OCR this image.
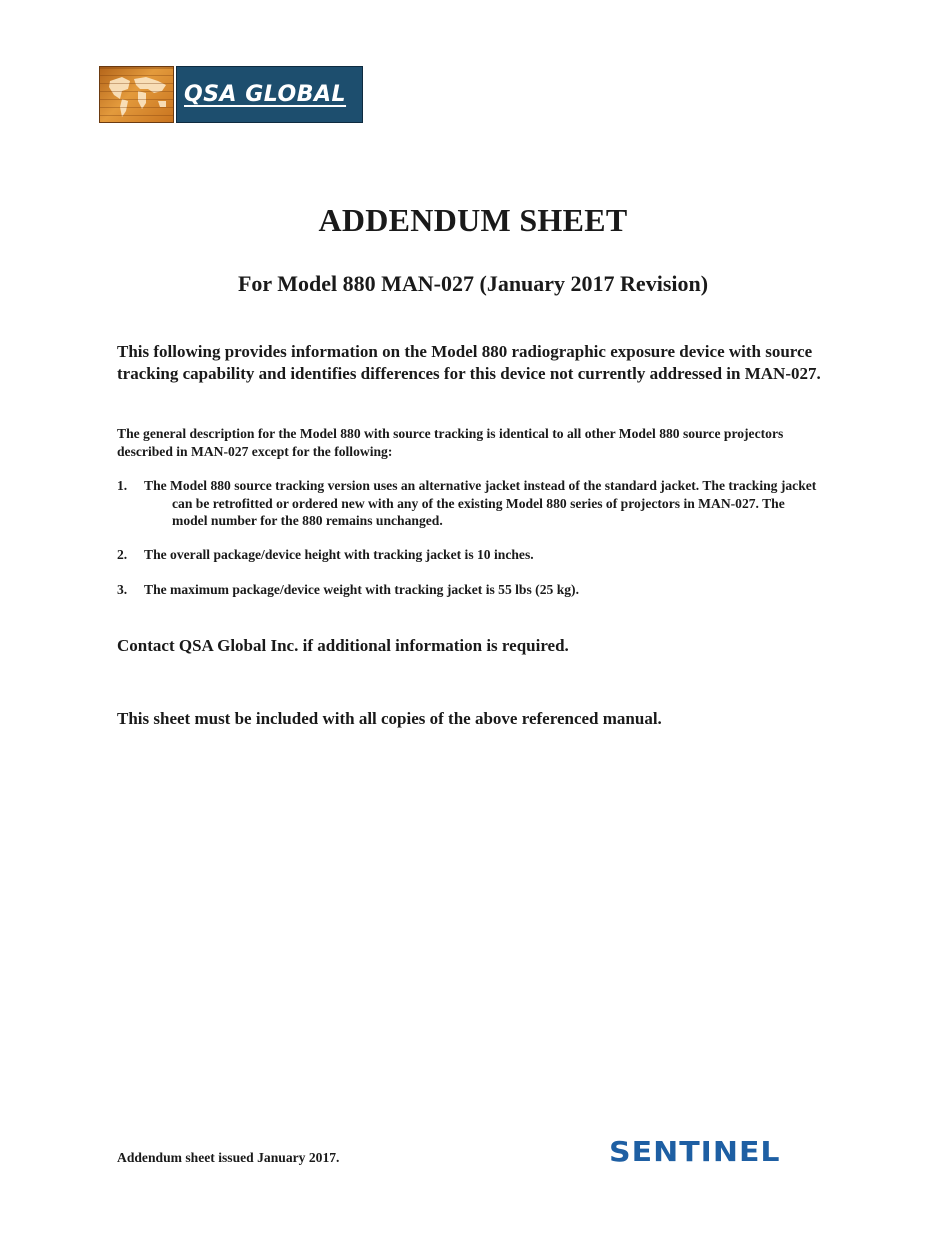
QSA GLOBAL
ADDENDUM SHEET
For Model 880 MAN-027 (January 2017 Revision)
This following provides information on the Model 880 radiographic exposure device with source tracking capability and identifies differences for this device not currently addressed in MAN-027.
The general description for the Model 880 with source tracking is identical to all other Model 880 source projectors described in MAN-027 except for the following:
1.	The Model 880 source tracking version uses an alternative jacket instead of the standard jacket. The tracking jacket can be retrofitted or ordered new with any of the existing Model 880 series of projectors in MAN-027. The model number for the 880 remains unchanged.
2.	The overall package/device height with tracking jacket is 10 inches.
3.	The maximum package/device weight with tracking jacket is 55 lbs (25 kg).
Contact QSA Global Inc. if additional information is required.
This sheet must be included with all copies of the above referenced manual.
Addendum sheet issued January 2017.	SENTINEL
